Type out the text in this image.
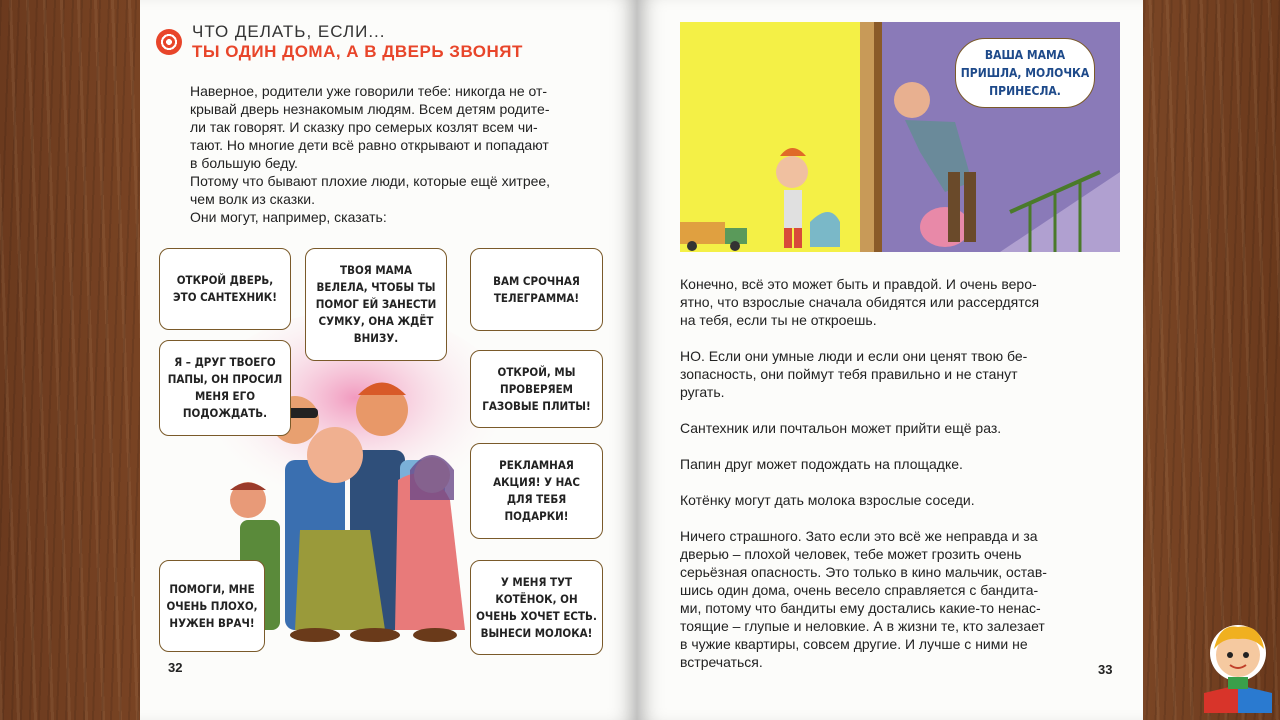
ЧТО ДЕЛАТЬ, ЕСЛИ...
ТЫ ОДИН ДОМА, А В ДВЕРЬ ЗВОНЯТ
Наверное, родители уже говорили тебе: никогда не от-
крывай дверь незнакомым людям. Всем детям родите-
ли так говорят. И сказку про семерых козлят всем чи-
тают. Но многие дети всё равно открывают и попадают
в большую беду.
Потому что бывают плохие люди, которые ещё хитрее,
чем волк из сказки.
Они могут, например, сказать:
ОТКРОЙ ДВЕРЬ,
ЭТО САНТЕХНИК!
ТВОЯ МАМА
ВЕЛЕЛА, ЧТОБЫ ТЫ
ПОМОГ ЕЙ ЗАНЕСТИ
СУМКУ, ОНА ЖДЁТ
ВНИЗУ.
ВАМ СРОЧНАЯ
ТЕЛЕГРАММА!
Я – ДРУГ ТВОЕГО
ПАПЫ, ОН ПРОСИЛ
МЕНЯ ЕГО
ПОДОЖДАТЬ.
ОТКРОЙ, МЫ
ПРОВЕРЯЕМ
ГАЗОВЫЕ ПЛИТЫ!
РЕКЛАМНАЯ
АКЦИЯ! У НАС
ДЛЯ ТЕБЯ
ПОДАРКИ!
ПОМОГИ, МНЕ
ОЧЕНЬ ПЛОХО,
НУЖЕН ВРАЧ!
У МЕНЯ ТУТ
КОТЁНОК, ОН
ОЧЕНЬ ХОЧЕТ ЕСТЬ.
ВЫНЕСИ МОЛОКА!
32
ВАША МАМА
ПРИШЛА, МОЛОЧКА
ПРИНЕСЛА.
Конечно, всё это может быть и правдой. И очень веро-
ятно, что взрослые сначала обидятся или рассердятся
на тебя, если ты не откроешь.
НО. Если они умные люди и если они ценят твою бе-
зопасность, они поймут тебя правильно и не станут
ругать.
Сантехник или почтальон может прийти ещё раз.
Папин друг может подождать на площадке.
Котёнку могут дать молока взрослые соседи.
Ничего страшного. Зато если это всё же неправда и за
дверью – плохой человек, тебе может грозить очень
серьёзная опасность. Это только в кино мальчик, остав-
шись один дома, очень весело справляется с бандита-
ми, потому что бандиты ему достались какие-то ненас-
тоящие – глупые и неловкие. А в жизни те, кто залезает
в чужие квартиры, совсем другие. И лучше с ними не
встречаться.	33
